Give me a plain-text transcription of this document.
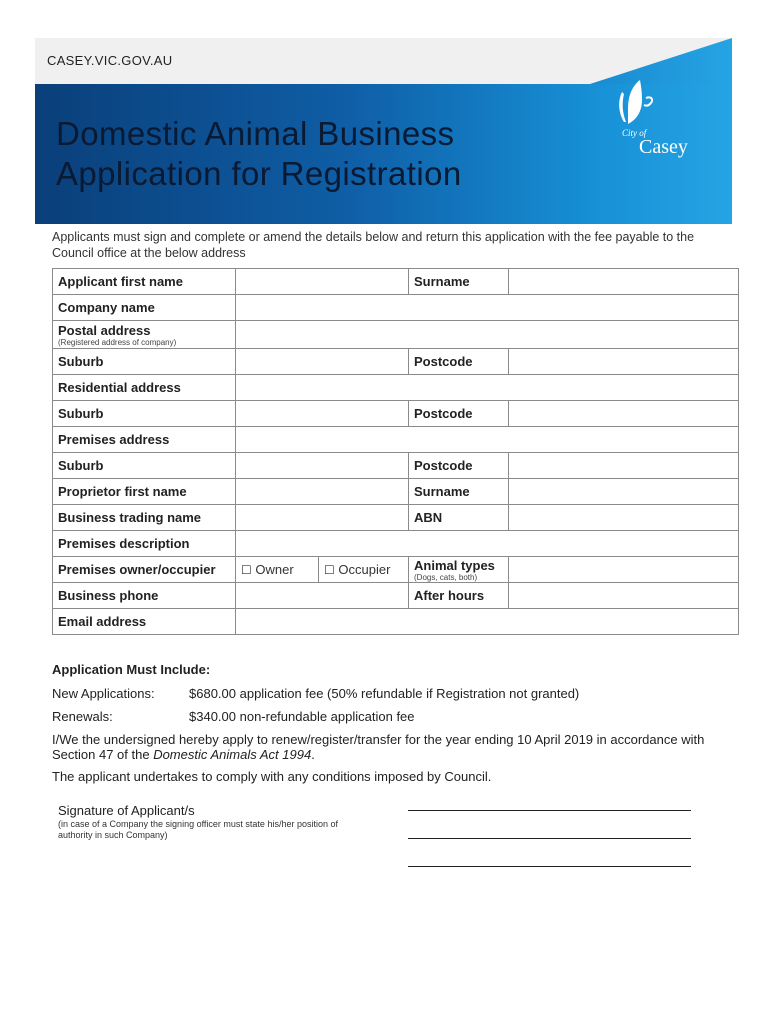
CASEY.VIC.GOV.AU
Domestic Animal Business
Application for Registration
City of
Casey
Applicants must sign and complete or amend the details below and return this application with the fee payable to the Council office at the below address
Applicant first name			Surname	
Company name				
Postal address
(Registered address of company)				

Suburb			Postcode	
Residential address				
Suburb			Postcode	
Premises address				
Suburb			Postcode	
Proprietor first name			Surname	
Business trading name			ABN	
Premises description				
Premises owner/occupier	☐ Owner	☐ Occupier	Animal types
(Dogs, cats, both)	

Business phone			After hours	
Email address				
Application Must Include:
New Applications:	$680.00 application fee (50% refundable if Registration not granted)
Renewals:	$340.00 non-refundable application fee
I/We the undersigned hereby apply to renew/register/transfer for the year ending 10 April 2019 in accordance with Section 47 of the Domestic Animals Act 1994.
The applicant undertakes to comply with any conditions imposed by Council.
Signature of Applicant/s
(in case of a Company the signing officer must state his/her position of authority in such Company)
